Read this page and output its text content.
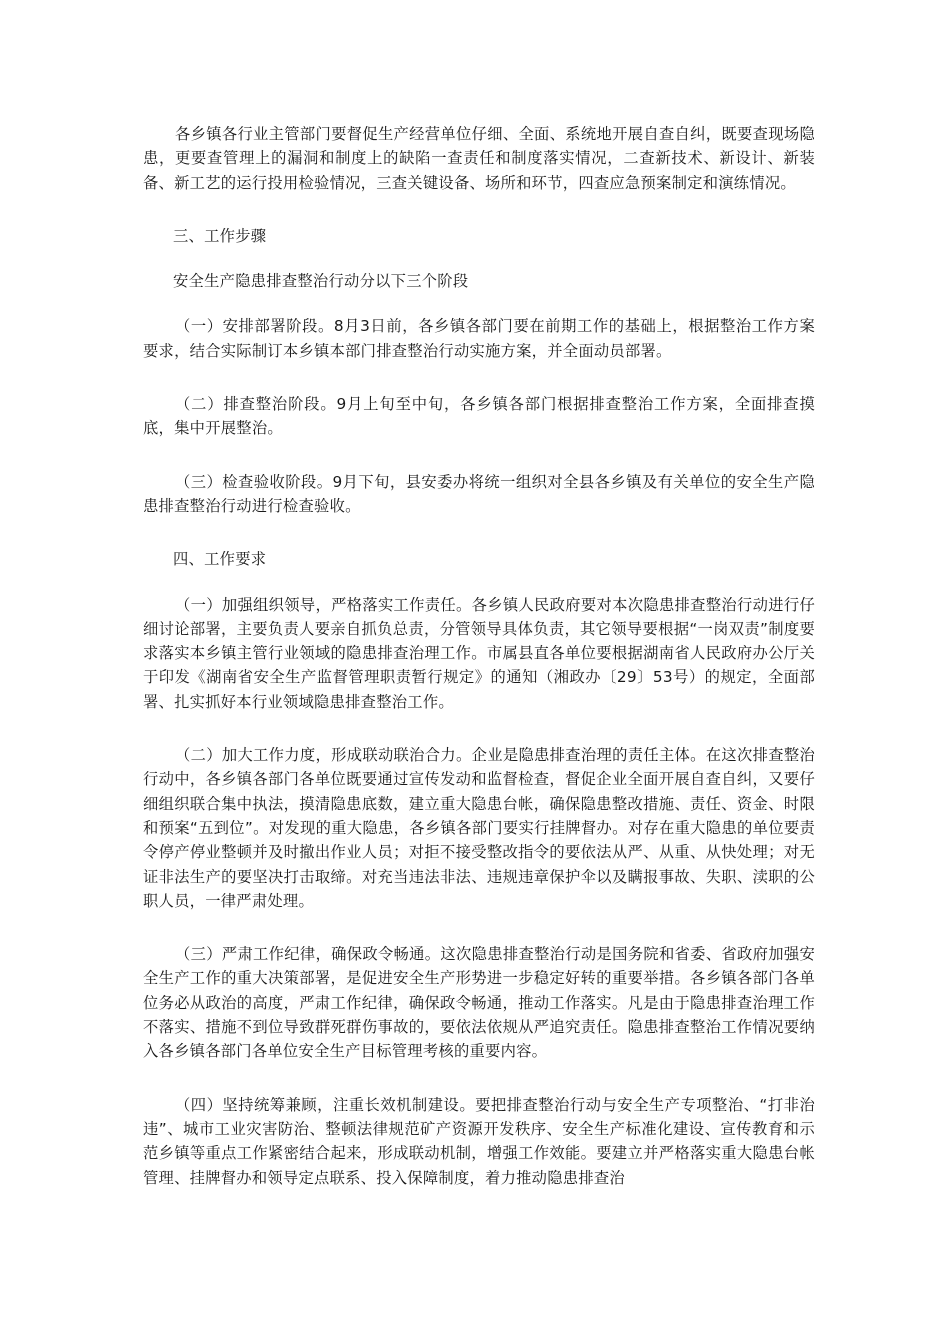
各乡镇各行业主管部门要督促生产经营单位仔细、全面、系统地开展自查自纠，既要查现场隐患，更要查管理上的漏洞和制度上的缺陷一查责任和制度落实情况，二查新技术、新设计、新装备、新工艺的运行投用检验情况，三查关键设备、场所和环节，四查应急预案制定和演练情况。

三、工作步骤

安全生产隐患排查整治行动分以下三个阶段

（一）安排部署阶段。8月3日前，各乡镇各部门要在前期工作的基础上，根据整治工作方案要求，结合实际制订本乡镇本部门排查整治行动实施方案，并全面动员部署。

（二）排查整治阶段。9月上旬至中旬，各乡镇各部门根据排查整治工作方案，全面排查摸底，集中开展整治。

（三）检查验收阶段。9月下旬，县安委办将统一组织对全县各乡镇及有关单位的安全生产隐患排查整治行动进行检查验收。

四、工作要求

（一）加强组织领导，严格落实工作责任。各乡镇人民政府要对本次隐患排查整治行动进行仔细讨论部署，主要负责人要亲自抓负总责，分管领导具体负责，其它领导要根据“一岗双责”制度要求落实本乡镇主管行业领域的隐患排查治理工作。市属县直各单位要根据湖南省人民政府办公厅关于印发《湖南省安全生产监督管理职责暂行规定》的通知（湘政办〔29〕53号）的规定，全面部署、扎实抓好本行业领域隐患排查整治工作。

（二）加大工作力度，形成联动联治合力。企业是隐患排查治理的责任主体。在这次排查整治行动中，各乡镇各部门各单位既要通过宣传发动和监督检查，督促企业全面开展自查自纠，又要仔细组织联合集中执法，摸清隐患底数，建立重大隐患台帐，确保隐患整改措施、责任、资金、时限和预案“五到位”。对发现的重大隐患，各乡镇各部门要实行挂牌督办。对存在重大隐患的单位要责令停产停业整顿并及时撤出作业人员；对拒不接受整改指令的要依法从严、从重、从快处理；对无证非法生产的要坚决打击取缔。对充当违法非法、违规违章保护伞以及瞒报事故、失职、渎职的公职人员，一律严肃处理。

（三）严肃工作纪律，确保政令畅通。这次隐患排查整治行动是国务院和省委、省政府加强安全生产工作的重大决策部署，是促进安全生产形势进一步稳定好转的重要举措。各乡镇各部门各单位务必从政治的高度，严肃工作纪律，确保政令畅通，推动工作落实。凡是由于隐患排查治理工作不落实、措施不到位导致群死群伤事故的，要依法依规从严追究责任。隐患排查整治工作情况要纳入各乡镇各部门各单位安全生产目标管理考核的重要内容。

（四）坚持统筹兼顾，注重长效机制建设。要把排查整治行动与安全生产专项整治、“打非治违”、城市工业灾害防治、整顿法律规范矿产资源开发秩序、安全生产标准化建设、宣传教育和示范乡镇等重点工作紧密结合起来，形成联动机制，增强工作效能。要建立并严格落实重大隐患台帐管理、挂牌督办和领导定点联系、投入保障制度，着力推动隐患排查治
